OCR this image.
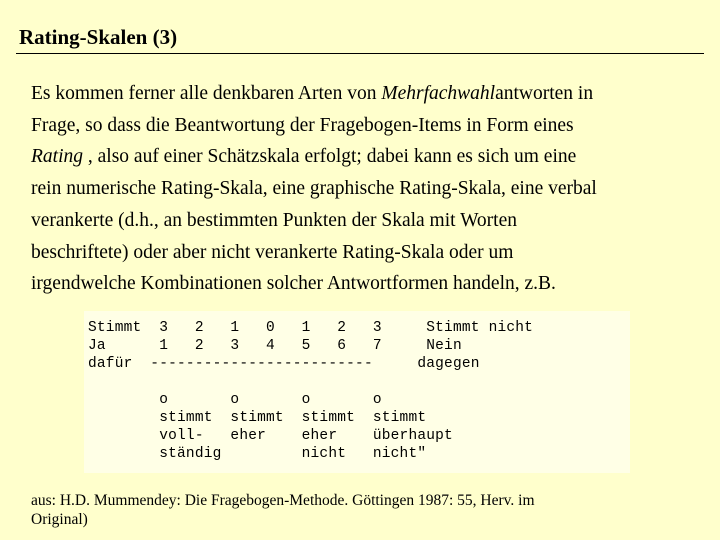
Rating-Skalen (3)
Es kommen ferner alle denkbaren Arten von Mehrfachwahlantworten in
Frage, so dass die Beantwortung der Fragebogen-Items in Form eines
Rating , also auf einer Schätzskala erfolgt; dabei kann es sich um eine
rein numerische Rating-Skala, eine graphische Rating-Skala, eine verbal
verankerte (d.h., an bestimmten Punkten der Skala mit Worten
beschriftete) oder aber nicht verankerte Rating-Skala oder um
irgendwelche Kombinationen solcher Antwortformen handeln, z.B.
Stimmt  3   2   1   0   1   2   3     Stimmt nicht
Ja      1   2   3   4   5   6   7     Nein
dafür  -------------------------     dagegen

o       o       o       o
stimmt  stimmt  stimmt  stimmt
voll-   eher    eher    überhaupt
ständig         nicht   nicht"
aus: H.D. Mummendey: Die Fragebogen-Methode. Göttingen 1987: 55, Herv. im
Original)
